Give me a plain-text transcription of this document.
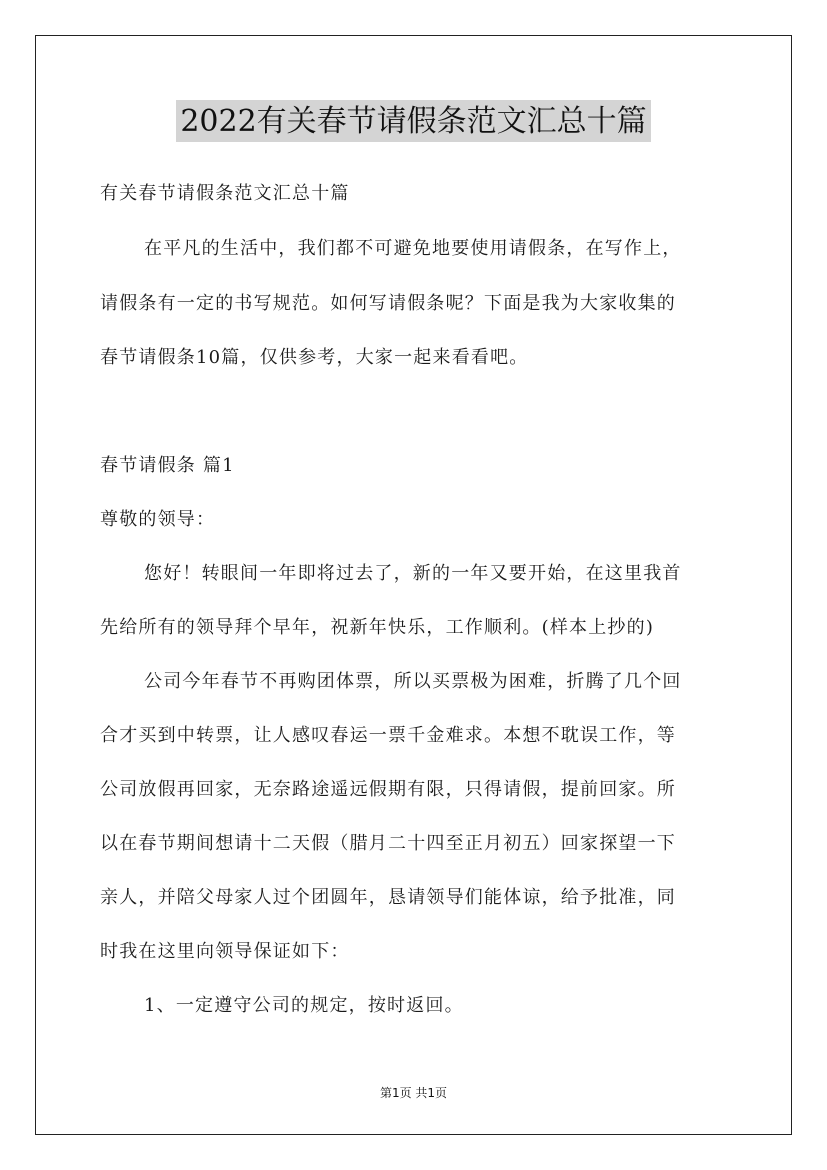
2022有关春节请假条范文汇总十篇
有关春节请假条范文汇总十篇
在平凡的生活中，我们都不可避免地要使用请假条，在写作上，
请假条有一定的书写规范。如何写请假条呢？下面是我为大家收集的
春节请假条10篇，仅供参考，大家一起来看看吧。
春节请假条 篇1
尊敬的领导：
您好！转眼间一年即将过去了，新的一年又要开始，在这里我首
先给所有的领导拜个早年，祝新年快乐，工作顺利。(样本上抄的)
公司今年春节不再购团体票，所以买票极为困难，折腾了几个回
合才买到中转票，让人感叹春运一票千金难求。本想不耽误工作，等
公司放假再回家，无奈路途遥远假期有限，只得请假，提前回家。所
以在春节期间想请十二天假（腊月二十四至正月初五）回家探望一下
亲人，并陪父母家人过个团圆年，恳请领导们能体谅，给予批准，同
时我在这里向领导保证如下：
1、一定遵守公司的规定，按时返回。
第1页 共1页
